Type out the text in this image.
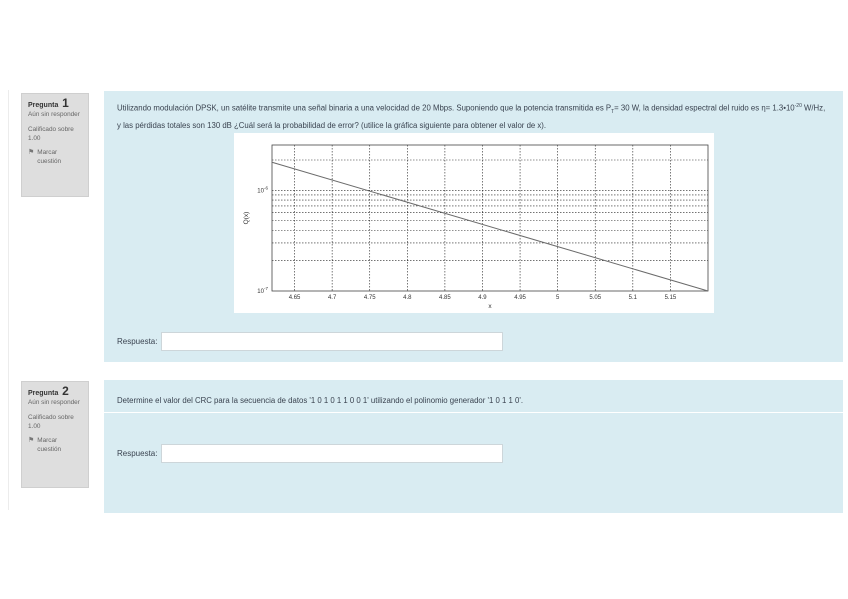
Pregunta 1
Aún sin responder
Calificado sobre 1.00
⚑ Marcar cuestión
Utilizando modulación DPSK, un satélite transmite una señal binaria a una velocidad de 20 Mbps. Suponiendo que la potencia transmitida es $P_T= 30$ W, la densidad espectral del ruido es $\eta= 1.3•10^{-20}$ W/Hz, y las pérdidas totales son 130 dB ¿Cuál será la probabilidad de error? (utilice la gráfica siguiente para obtener el valor de x).
4.65	4.7	4.75	4.8	4.85	4.9	4.95	5	5.05	5.1	5.15
$10^{-6}$
$10^{-7}$
Q(x)
x
Respuesta:
Pregunta 2
Aún sin responder
Calificado sobre 1.00
⚑ Marcar cuestión
Determine el valor del CRC para la secuencia de datos '1 0 1 0 1 1 0 0 1' utilizando el polinomio generador '1 0 1 1 0'.
Respuesta:
